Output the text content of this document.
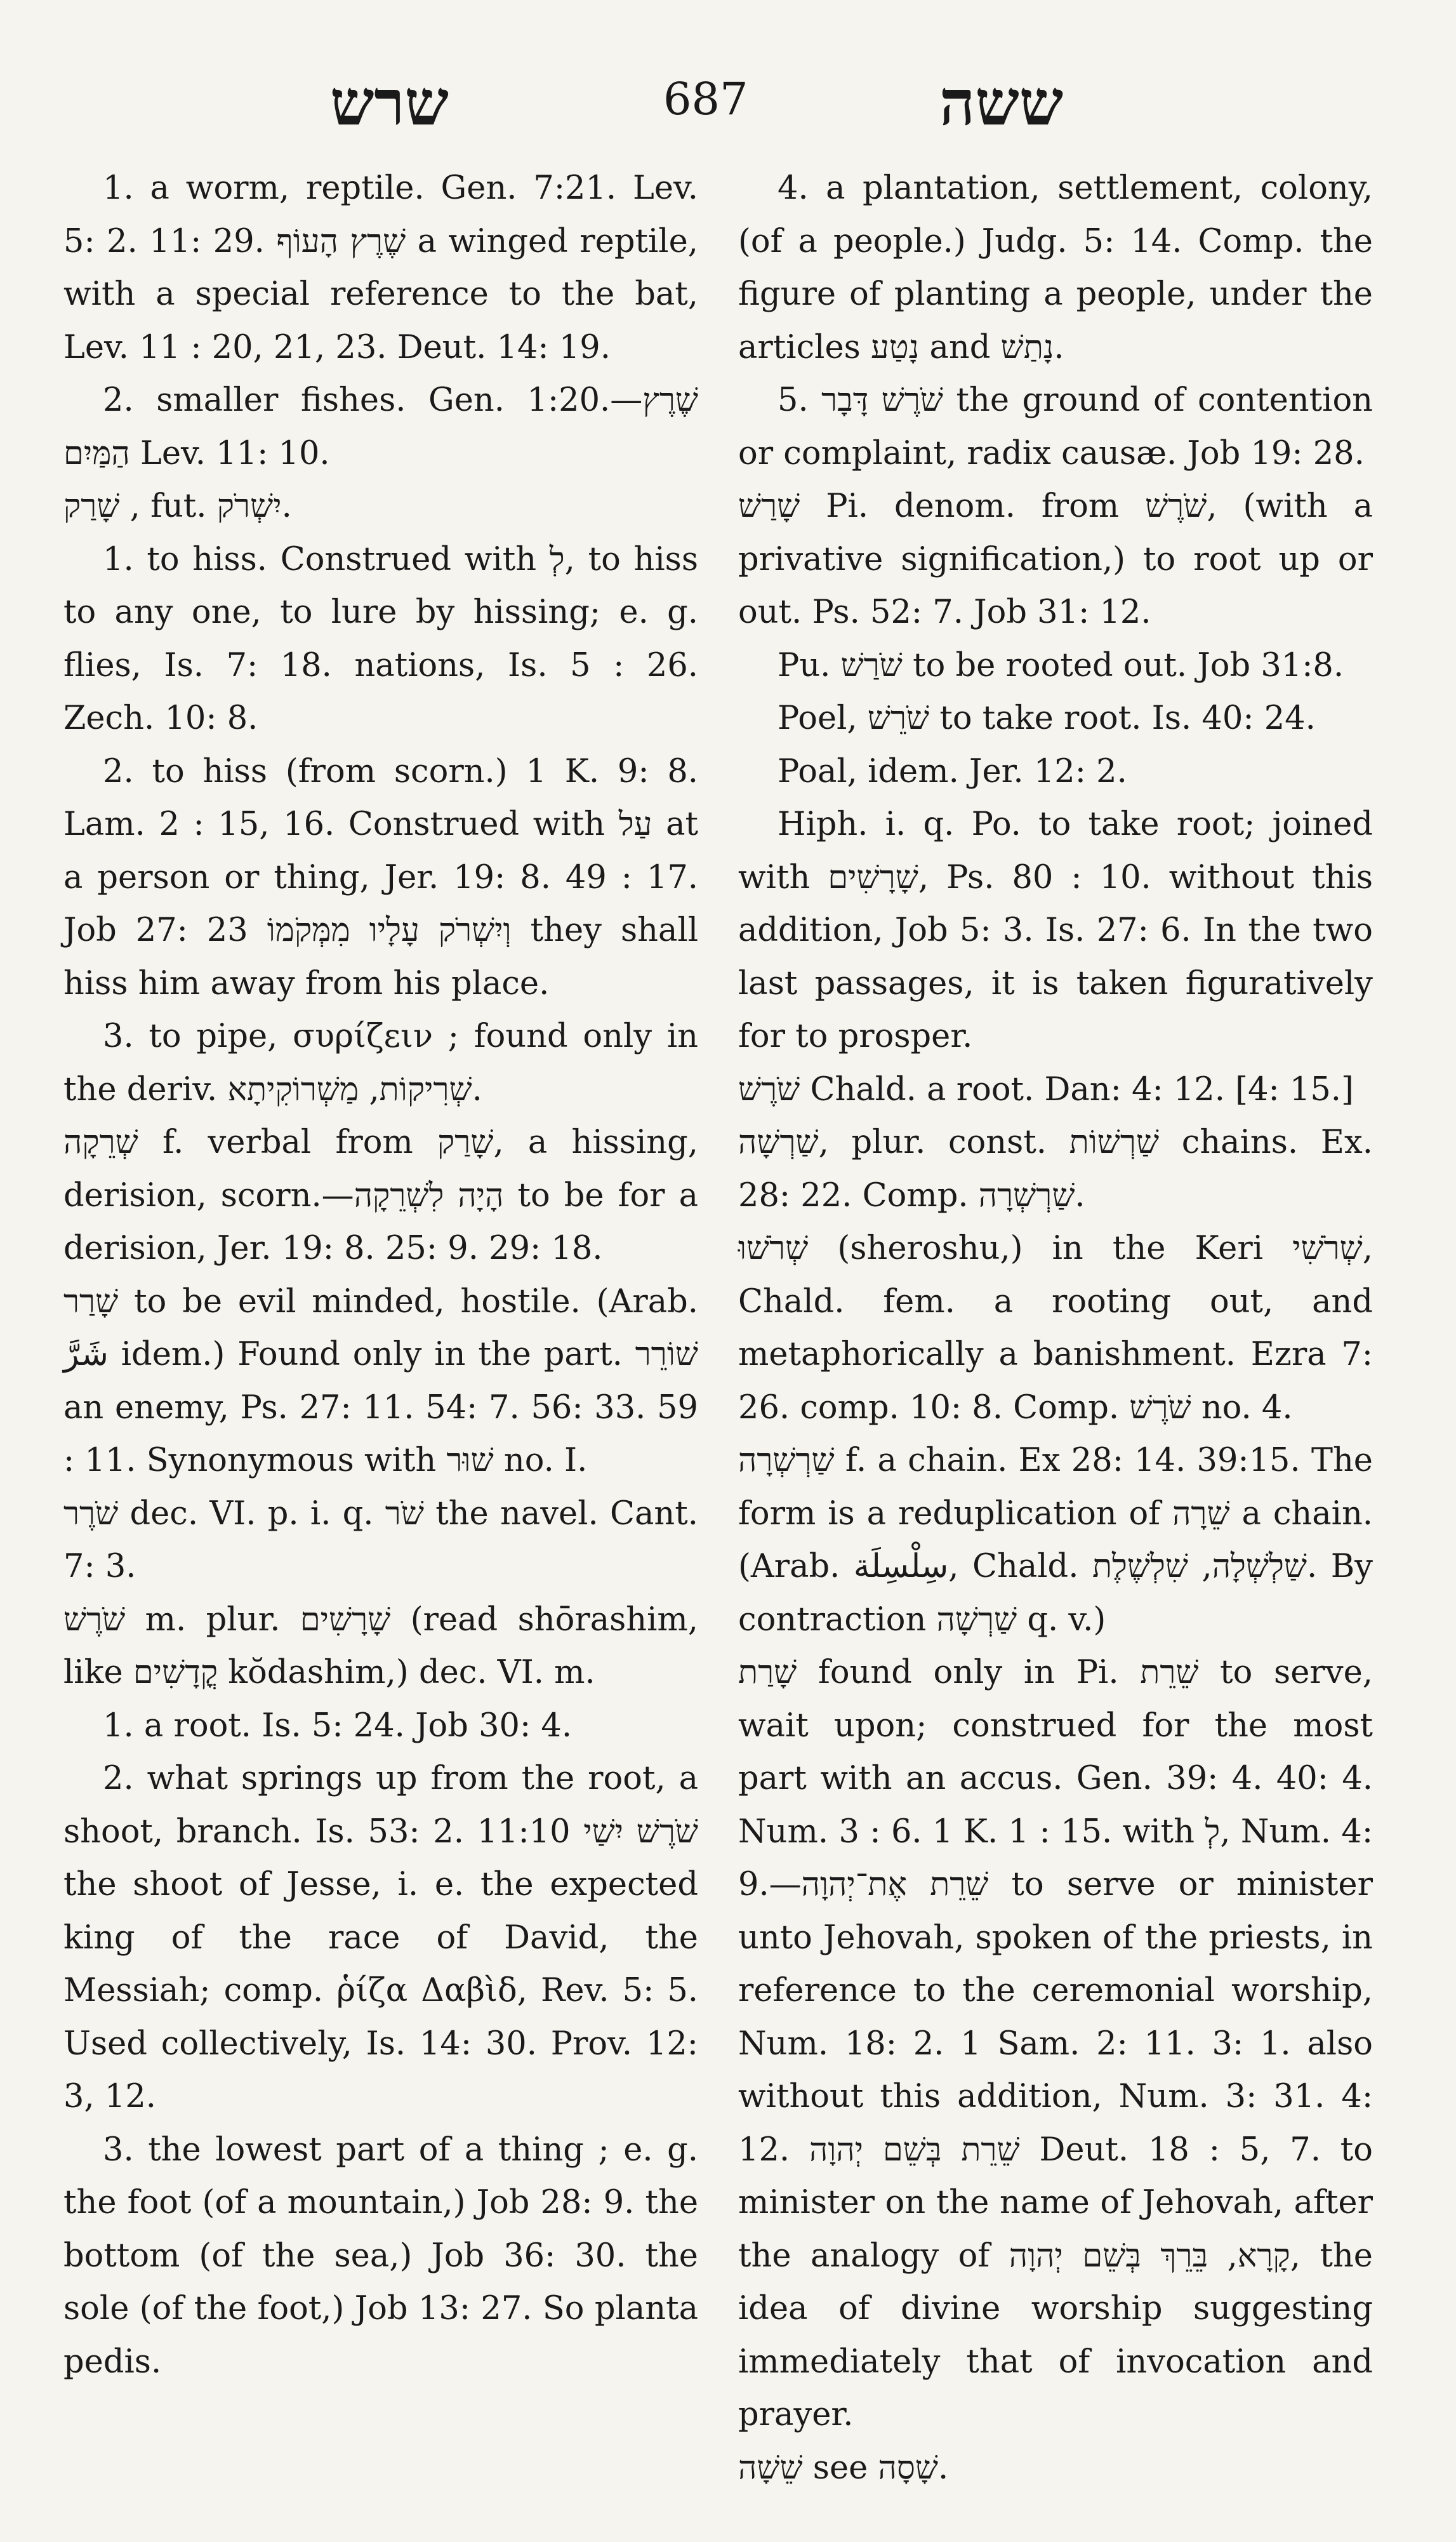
שרש	687	ששה

1. a worm, reptile. Gen. 7:21. Lev. 5: 2. 11: 29. שֶׁרֶץ הָעוֹף a winged reptile, with a special reference to the bat, Lev. 11 : 20, 21, 23. Deut. 14: 19.

2. smaller fishes. Gen. 1:20.—שֶׁרֶץ הַמַּיִם Lev. 11: 10.

שָׁרַק , fut. יִשְׁרֹק.

1. to hiss. Construed with לְ, to hiss to any one, to lure by hissing; e. g. flies, Is. 7: 18. nations, Is. 5 : 26. Zech. 10: 8.

2. to hiss (from scorn.) 1 K. 9: 8. Lam. 2 : 15, 16. Construed with עַל at a person or thing, Jer. 19: 8. 49 : 17. Job 27: 23 וְיִשְׁרֹק עָלָיו מִמְּקֹמוֹ they shall hiss him away from his place.

3. to pipe, συρίζειν ; found only in the deriv. שְׁרִיקוֹת, מַשְׁרוֹקִיתָא.

שְׁרֵקָה f. verbal from שָׁרַק, a hissing, derision, scorn.—הָיָה לִשְׁרֵקָה to be for a derision, Jer. 19: 8. 25: 9. 29: 18.

שָׁרַר to be evil minded, hostile. (Arab. شَرَّ idem.) Found only in the part. שׁוֹרֵר an enemy, Ps. 27: 11. 54: 7. 56: 33. 59 : 11. Synonymous with שׁוּר no. I.

שֹׁרֶר dec. VI. p. i. q. שֹׁר the navel. Cant. 7: 3.

שֹׁרֶשׁ m. plur. שָׁרָשִׁים (read shōrashim, like קֳדָשִׁים kŏdashim,) dec. VI. m.

1. a root. Is. 5: 24. Job 30: 4.

2. what springs up from the root, a shoot, branch. Is. 53: 2. 11:10 שֹׁרֶשׁ יִשַׁי the shoot of Jesse, i. e. the expected king of the race of David, the Messiah; comp. ῥίζα Δαβὶδ, Rev. 5: 5. Used collectively, Is. 14: 30. Prov. 12: 3, 12.

3. the lowest part of a thing ; e. g. the foot (of a mountain,) Job 28: 9. the bottom (of the sea,) Job 36: 30. the sole (of the foot,) Job 13: 27. So planta pedis.

4. a plantation, settlement, colony, (of a people.) Judg. 5: 14. Comp. the figure of planting a people, under the articles נָטַע and נָתַשׁ.

5. שֹׁרֶשׁ דָּבָר the ground of contention or complaint, radix causæ. Job 19: 28.

שָׁרַשׁ Pi. denom. from שֹׁרֶשׁ, (with a privative signification,) to root up or out. Ps. 52: 7. Job 31: 12.

Pu. שֹׁרַשׁ to be rooted out. Job 31:8.

Poel, שֹׁרֵשׁ to take root. Is. 40: 24.

Poal, idem. Jer. 12: 2.

Hiph. i. q. Po. to take root; joined with שָׁרָשִׁים, Ps. 80 : 10. without this addition, Job 5: 3. Is. 27: 6. In the two last passages, it is taken figuratively for to prosper.

שֹׁרֶשׁ Chald. a root. Dan: 4: 12. [4: 15.]

שַׁרְשָׁה, plur. const. שַׁרְשׁוֹת chains. Ex. 28: 22. Comp. שַׁרְשְׁרָה.

שְׁרֹשׁוּ (sheroshu,) in the Keri שְׁרֹשִׁי, Chald. fem. a rooting out, and metaphorically a banishment. Ezra 7: 26. comp. 10: 8. Comp. שֹׁרֶשׁ no. 4.

שַׁרְשְׁרָה f. a chain. Ex 28: 14. 39:15. The form is a reduplication of שֵׁרָה a chain. (Arab. سِلْسِلَة, Chald. שַׁלְשְׁלָה, שִׁלְשֶׁלֶת. By contraction שַׁרְשָׁה q. v.)

שָׁרַת found only in Pi. שֵׁרֵת to serve, wait upon; construed for the most part with an accus. Gen. 39: 4. 40: 4. Num. 3 : 6. 1 K. 1 : 15. with לְ, Num. 4: 9.—שֵׁרֵת אֶת־יְהוָה to serve or minister unto Jehovah, spoken of the priests, in reference to the ceremonial worship, Num. 18: 2. 1 Sam. 2: 11. 3: 1. also without this addition, Num. 3: 31. 4: 12. שֵׁרֵת בְּשֵׁם יְהוָה Deut. 18 : 5, 7. to minister on the name of Jehovah, after the analogy of קָרָא, בֵּרֵךְ בְּשֵׁם יְהוָה, the idea of divine worship suggesting immediately that of invocation and prayer.

שֵׁשָׁה see שָׁסָה.
